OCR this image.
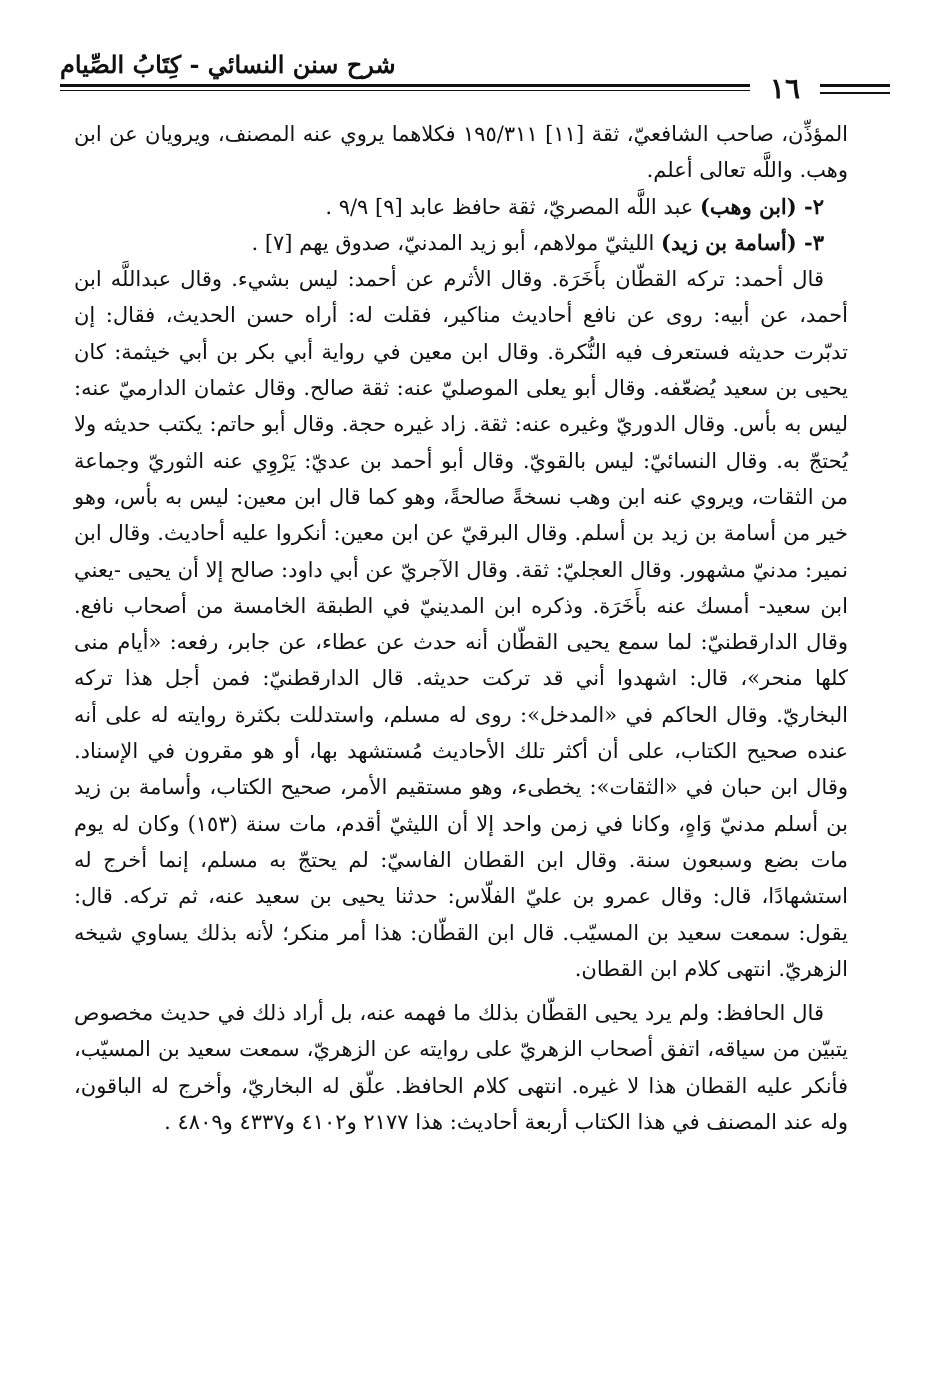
شرح سنن النسائي - كِتَابُ الصِّيام
١٦

المؤذِّن، صاحب الشافعيّ، ثقة [١١] ١٩٥/٣١١ فكلاهما يروي عنه المصنف، ويرويان عن ابن وهب. واللَّه تعالى أعلم.

٢- (ابن وهب) عبد اللَّه المصريّ، ثقة حافظ عابد [٩] ٩/٩ .

٣- (أسامة بن زيد) الليثيّ مولاهم، أبو زيد المدنيّ، صدوق يهم [٧] .

قال أحمد: تركه القطّان بأَخَرَة. وقال الأثرم عن أحمد: ليس بشيء. وقال عبداللَّه ابن أحمد، عن أبيه: روى عن نافع أحاديث مناكير، فقلت له: أراه حسن الحديث، فقال: إن تدبّرت حديثه فستعرف فيه النُّكرة. وقال ابن معين في رواية أبي بكر بن أبي خيثمة: كان يحيى بن سعيد يُضعّفه. وقال أبو يعلى الموصليّ عنه: ثقة صالح. وقال عثمان الدارميّ عنه: ليس به بأس. وقال الدوريّ وغيره عنه: ثقة. زاد غيره حجة. وقال أبو حاتم: يكتب حديثه ولا يُحتجّ به. وقال النسائيّ: ليس بالقويّ. وقال أبو أحمد بن عديّ: يَرْوِي عنه الثوريّ وجماعة من الثقات، ويروي عنه ابن وهب نسخةً صالحةً، وهو كما قال ابن معين: ليس به بأس، وهو خير من أسامة بن زيد بن أسلم. وقال البرقيّ عن ابن معين: أنكروا عليه أحاديث. وقال ابن نمير: مدنيّ مشهور. وقال العجليّ: ثقة. وقال الآجريّ عن أبي داود: صالح إلا أن يحيى -يعني ابن سعيد- أمسك عنه بأَخَرَة. وذكره ابن المدينيّ في الطبقة الخامسة من أصحاب نافع. وقال الدارقطنيّ: لما سمع يحيى القطّان أنه حدث عن عطاء، عن جابر، رفعه: «أيام منى كلها منحر»، قال: اشهدوا أني قد تركت حديثه. قال الدارقطنيّ: فمن أجل هذا تركه البخاريّ. وقال الحاكم في «المدخل»: روى له مسلم، واستدللت بكثرة روايته له على أنه عنده صحيح الكتاب، على أن أكثر تلك الأحاديث مُستشهد بها، أو هو مقرون في الإسناد. وقال ابن حبان في «الثقات»: يخطىء، وهو مستقيم الأمر، صحيح الكتاب، وأسامة بن زيد بن أسلم مدنيّ وَاهٍ، وكانا في زمن واحد إلا أن الليثيّ أقدم، مات سنة (١٥٣) وكان له يوم مات بضع وسبعون سنة. وقال ابن القطان الفاسيّ: لم يحتجّ به مسلم، إنما أخرج له استشهادًا، قال: وقال عمرو بن عليّ الفلّاس: حدثنا يحيى بن سعيد عنه، ثم تركه. قال: يقول: سمعت سعيد بن المسيّب. قال ابن القطّان: هذا أمر منكر؛ لأنه بذلك يساوي شيخه الزهريّ. انتهى كلام ابن القطان.

قال الحافظ: ولم يرد يحيى القطّان بذلك ما فهمه عنه، بل أراد ذلك في حديث مخصوص يتبيّن من سياقه، اتفق أصحاب الزهريّ على روايته عن الزهريّ، سمعت سعيد بن المسيّب، فأنكر عليه القطان هذا لا غيره. انتهى كلام الحافظ. علّق له البخاريّ، وأخرج له الباقون، وله عند المصنف في هذا الكتاب أربعة أحاديث: هذا ٢١٧٧ و٤١٠٢ و٤٣٣٧ و٤٨٠٩ .
